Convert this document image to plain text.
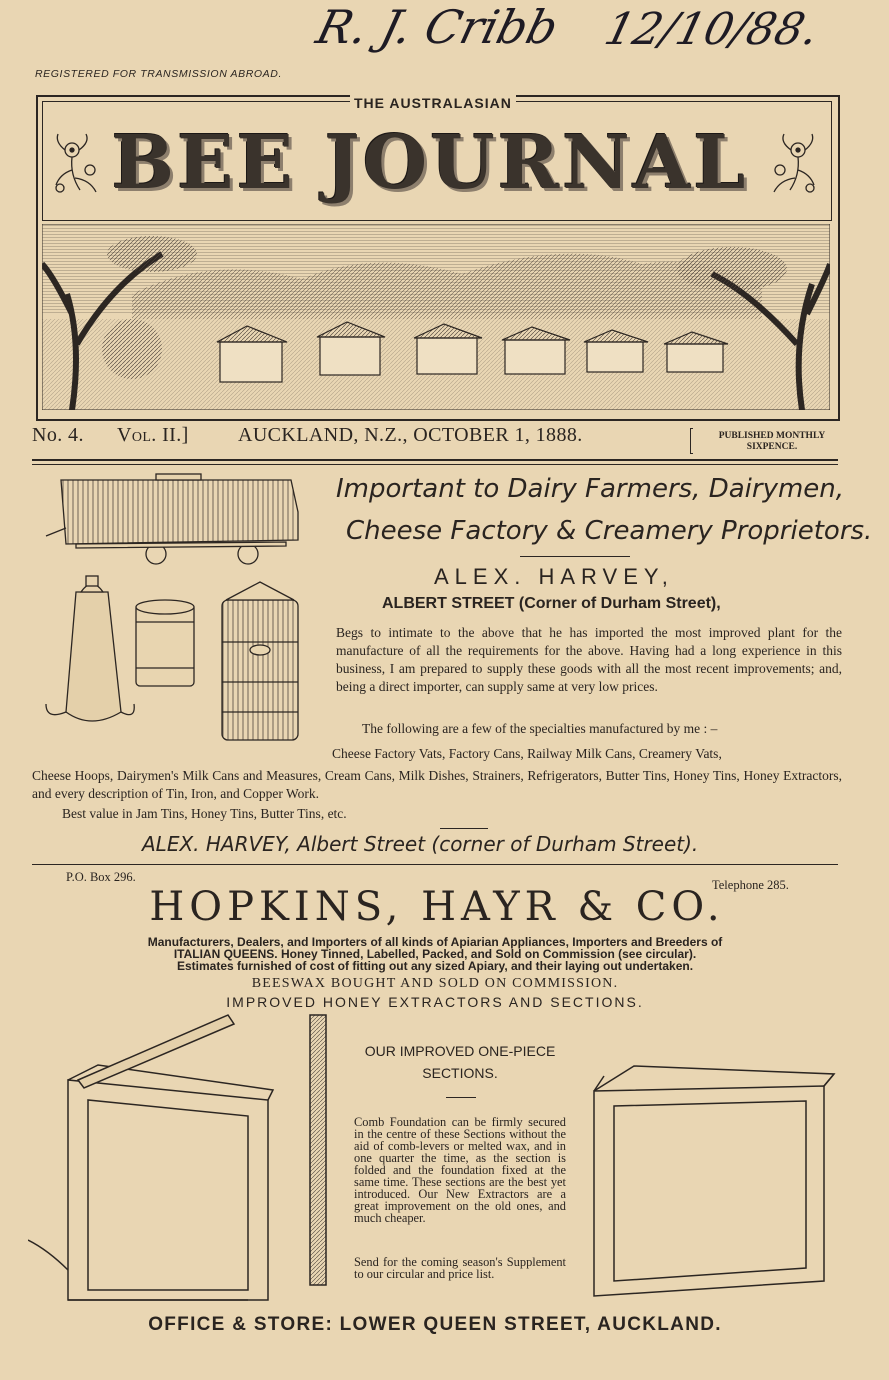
R. J. Cribb 12/10/88.
REGISTERED FOR TRANSMISSION ABROAD.
THE AUSTRALASIAN
BEE JOURNAL
No. 4. Vol. II.] AUCKLAND, N.Z., OCTOBER 1, 1888.	PUBLISHED MONTHLY
SIXPENCE.
Important to Dairy Farmers, Dairymen,
Cheese Factory & Creamery Proprietors.
ALEX. HARVEY,
ALBERT STREET (Corner of Durham Street),
Begs to intimate to the above that he has imported the most improved plant for the manufacture of all the requirements for the above. Having had a long experience in this business, I am prepared to supply these goods with all the most recent improvements; and, being a direct importer, can supply same at very low prices.
The following are a few of the specialties manufactured by me : –
Cheese Factory Vats, Factory Cans, Railway Milk Cans, Creamery Vats,
Cheese Hoops, Dairymen's Milk Cans and Measures, Cream Cans, Milk Dishes, Strainers, Refrigerators, Butter Tins, Honey Tins, Honey Extractors, and every description of Tin, Iron, and Copper Work.
Best value in Jam Tins, Honey Tins, Butter Tins, etc.
ALEX. HARVEY, Albert Street (corner of Durham Street).
P.O. Box 296.
Telephone 285.
HOPKINS, HAYR & CO.
Manufacturers, Dealers, and Importers of all kinds of Apiarian Appliances, Importers and Breeders of
ITALIAN QUEENS. Honey Tinned, Labelled, Packed, and Sold on Commission (see circular).
Estimates furnished of cost of fitting out any sized Apiary, and their laying out undertaken.
BEESWAX BOUGHT AND SOLD ON COMMISSION.
IMPROVED HONEY EXTRACTORS AND SECTIONS.
OUR IMPROVED ONE-PIECE
SECTIONS.
Comb Foundation can be firmly secured in the centre of these Sections without the aid of comb-levers or melted wax, and in one quarter the time, as the section is folded and the foundation fixed at the same time. These sections are the best yet introduced. Our New Extractors are a great improvement on the old ones, and much cheaper.
Send for the coming season's Supplement to our circular and price list.
OFFICE & STORE: LOWER QUEEN STREET, AUCKLAND.
